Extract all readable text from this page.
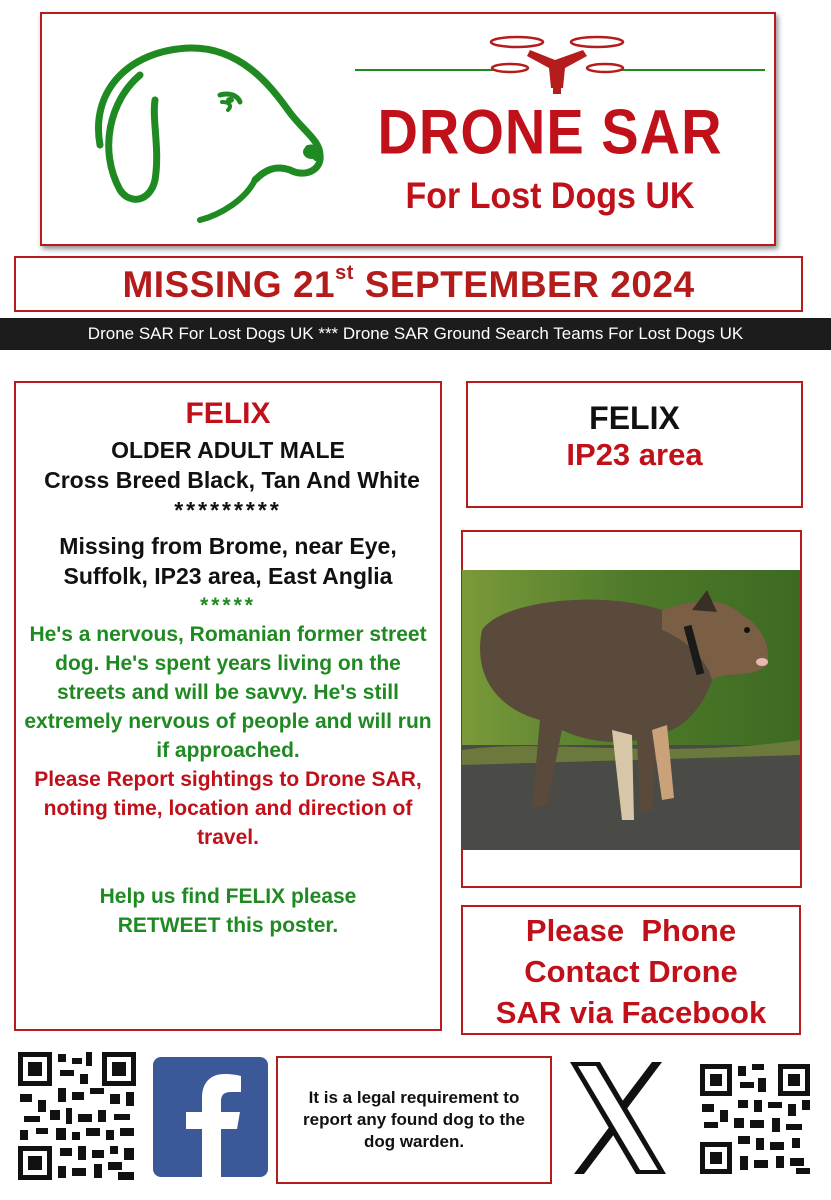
DRONE SAR
For Lost Dogs UK
MISSING 21st SEPTEMBER 2024
Drone SAR For Lost Dogs UK *** Drone SAR Ground Search Teams For Lost Dogs UK
FELIX
OLDER ADULT MALE
Cross Breed Black, Tan And White
*********
Missing from Brome, near Eye, Suffolk, IP23 area, East Anglia
*****
He's a nervous, Romanian former street dog. He's spent years living on the streets and will be savvy. He's still extremely nervous of people and will run if approached.
Please Report sightings to Drone SAR, noting time, location and direction of travel.
Help us find FELIX please RETWEET this poster.
FELIX
IP23 area
Please  Phone
Contact Drone
SAR via Facebook
It is a legal requirement to report any found dog to the dog warden.
